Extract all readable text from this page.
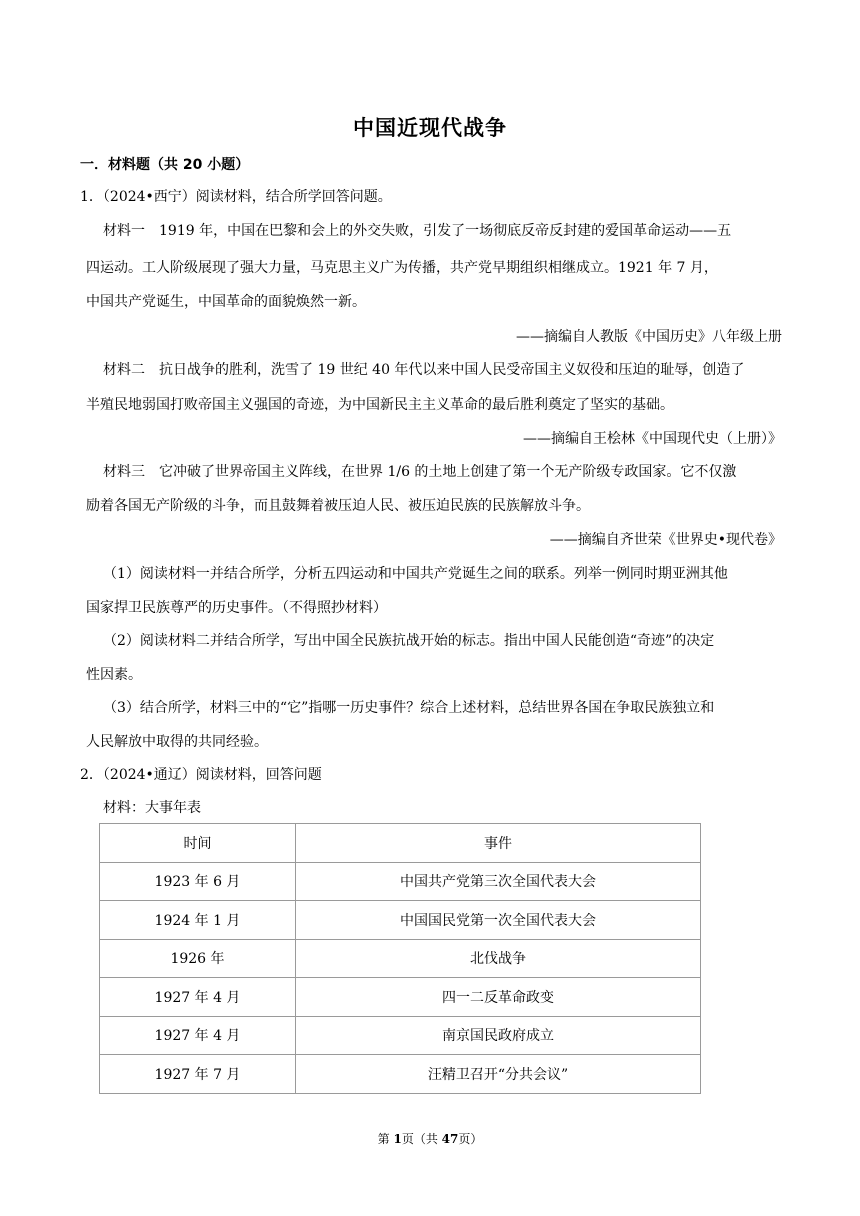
中国近现代战争
一．材料题（共 20 小题）
1．（2024•西宁）阅读材料，结合所学回答问题。
材料一　1919 年，中国在巴黎和会上的外交失败，引发了一场彻底反帝反封建的爱国革命运动——五
四运动。工人阶级展现了强大力量，马克思主义广为传播，共产党早期组织相继成立。1921 年 7 月，
中国共产党诞生，中国革命的面貌焕然一新。
——摘编自人教版《中国历史》八年级上册
材料二　抗日战争的胜利，洗雪了 19 世纪 40 年代以来中国人民受帝国主义奴役和压迫的耻辱，创造了
半殖民地弱国打败帝国主义强国的奇迹，为中国新民主主义革命的最后胜利奠定了坚实的基础。
——摘编自王桧林《中国现代史（上册）》
材料三　它冲破了世界帝国主义阵线，在世界 1/6 的土地上创建了第一个无产阶级专政国家。它不仅激
励着各国无产阶级的斗争，而且鼓舞着被压迫人民、被压迫民族的民族解放斗争。
——摘编自齐世荣《世界史•现代卷》
（1）阅读材料一并结合所学，分析五四运动和中国共产党诞生之间的联系。列举一例同时期亚洲其他
国家捍卫民族尊严的历史事件。（不得照抄材料）
（2）阅读材料二并结合所学，写出中国全民族抗战开始的标志。指出中国人民能创造“奇迹”的决定
性因素。
（3）结合所学，材料三中的“它”指哪一历史事件？综合上述材料，总结世界各国在争取民族独立和
人民解放中取得的共同经验。
2．（2024•通辽）阅读材料，回答问题
材料：大事年表
时间	事件
1923 年 6 月	中国共产党第三次全国代表大会
1924 年 1 月	中国国民党第一次全国代表大会
1926 年	北伐战争
1927 年 4 月	四一二反革命政变
1927 年 4 月	南京国民政府成立
1927 年 7 月	汪精卫召开“分共会议”
第 1页（共 47页）
